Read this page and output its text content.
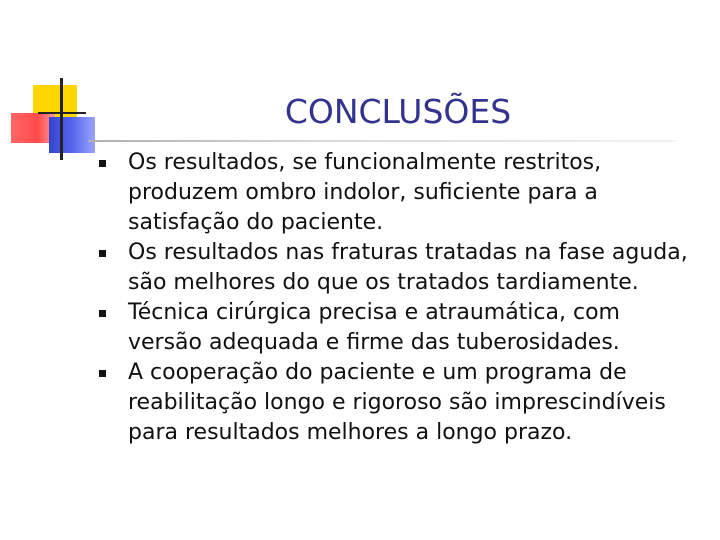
CONCLUSÕES
Os resultados, se funcionalmente restritos, produzem ombro indolor, suficiente para a satisfação do paciente.
Os resultados nas fraturas tratadas na fase aguda, são melhores do que os tratados tardiamente.
Técnica cirúrgica precisa e atraumática, com versão adequada e firme das tuberosidades.
A cooperação do paciente e um programa de reabilitação longo e rigoroso são imprescindíveis para resultados melhores a longo prazo.
